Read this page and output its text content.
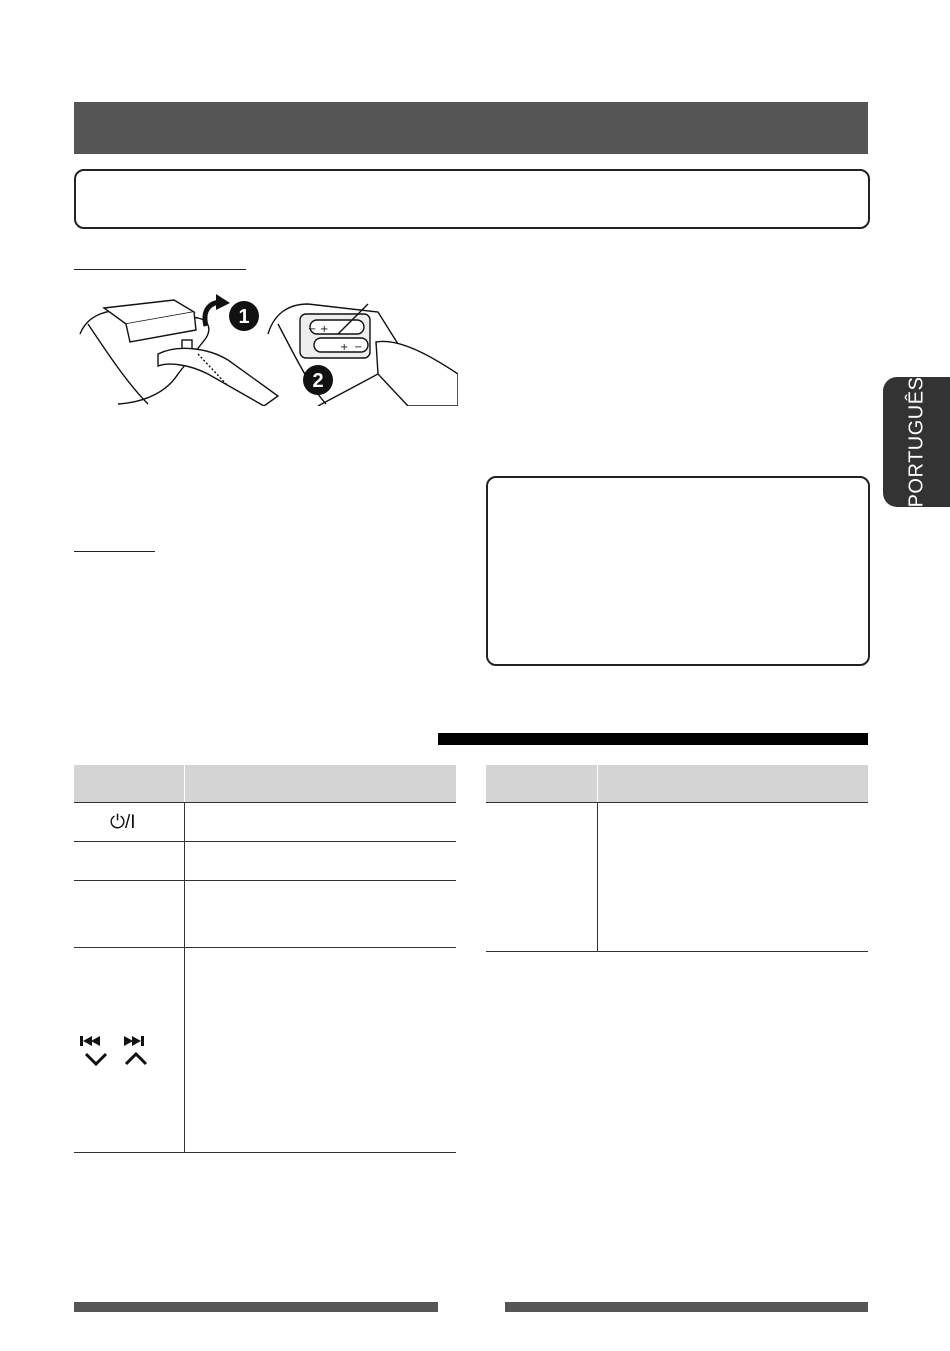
1
+
−
+ −
2	PORTUGUÊS
⏻/I
